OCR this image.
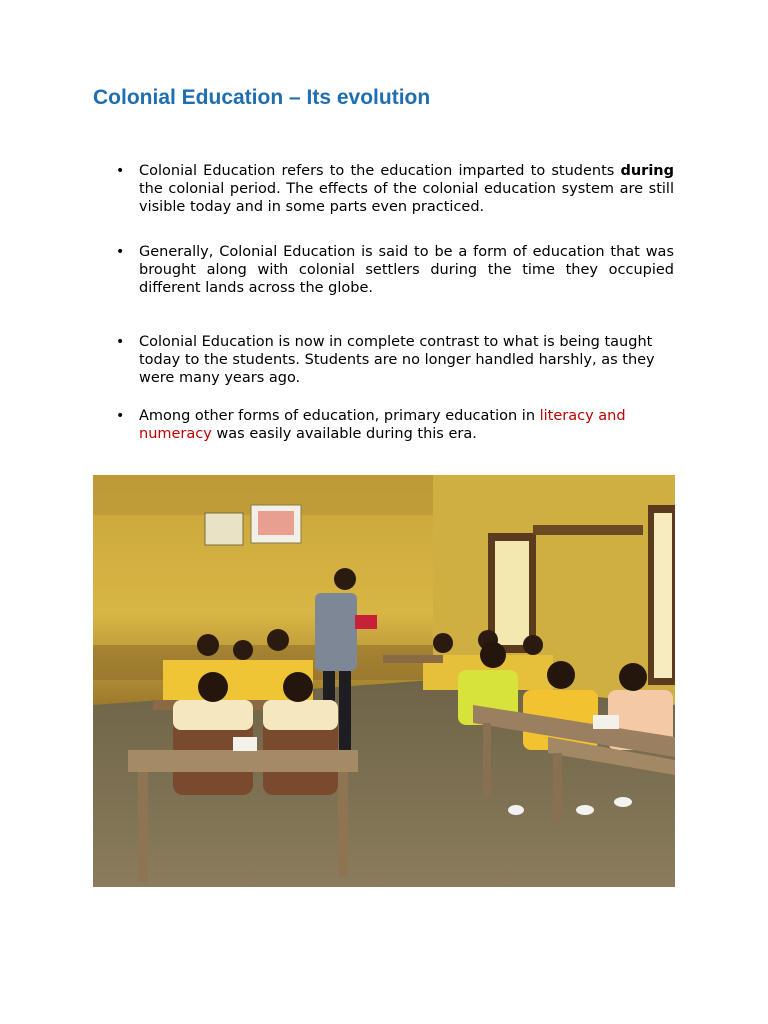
Colonial Education – Its evolution
• Colonial Education refers to the education imparted to students during the colonial period. The effects of the colonial education system are still visible today and in some parts even practiced.
• Generally, Colonial Education is said to be a form of education that was brought along with colonial settlers during the time they occupied different lands across the globe.
• Colonial Education is now in complete contrast to what is being taught today to the students. Students are no longer handled harshly, as they were many years ago.
• Among other forms of education, primary education in literacy and numeracy was easily available during this era.
